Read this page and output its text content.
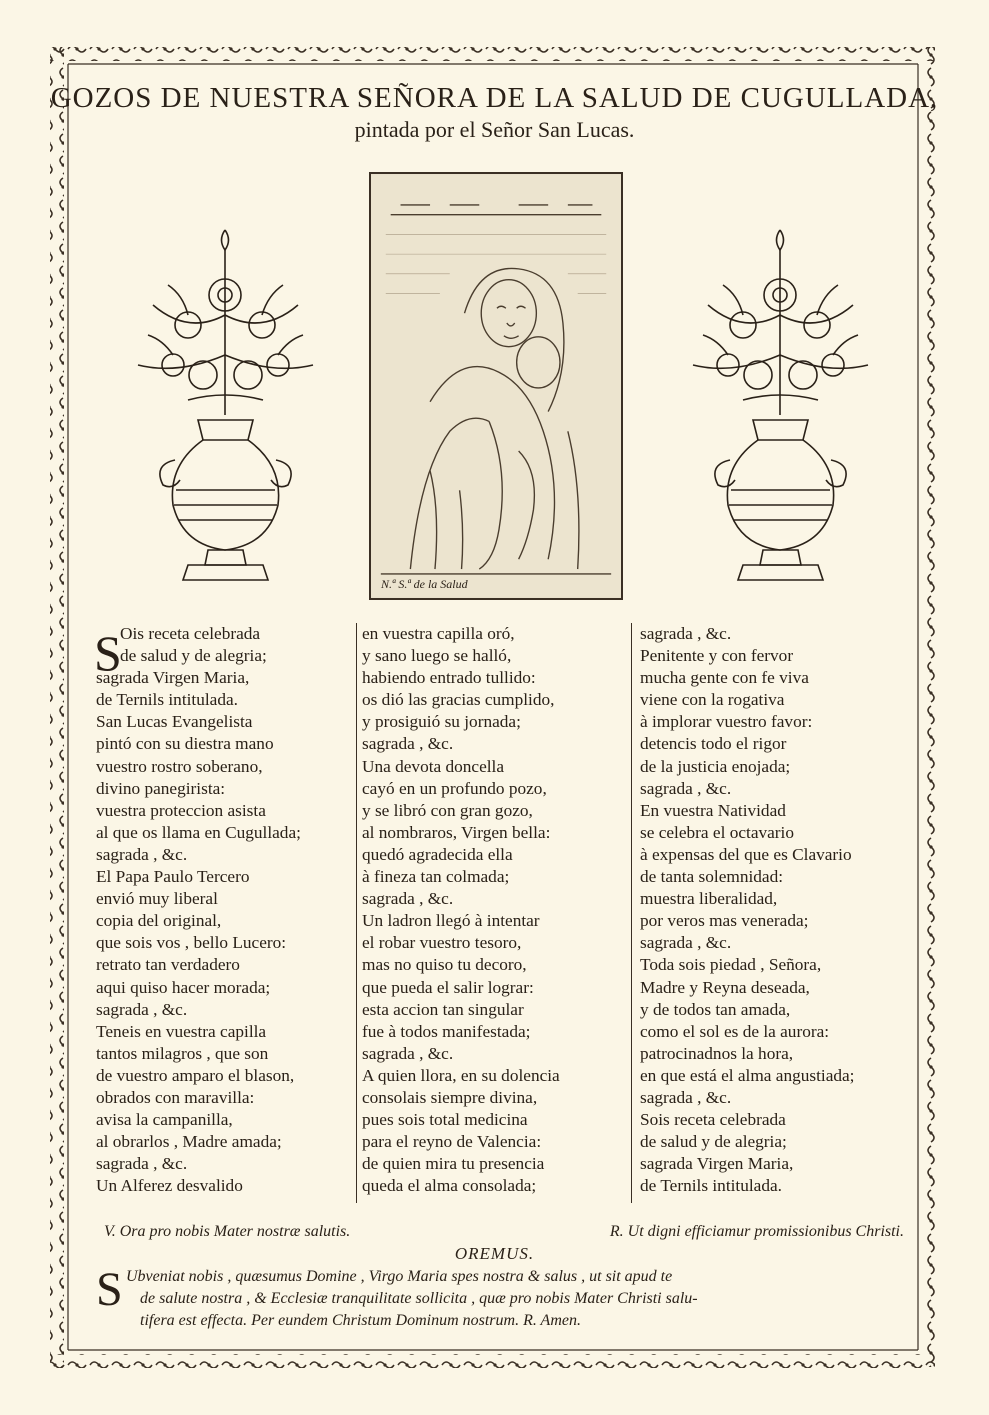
GOZOS DE NUESTRA SEÑORA DE LA SALUD DE CUGULLADA,
pintada por el Señor San Lucas.
N.ª S.ª de la Salud
S
Ois receta celebrada
de salud y de alegria;
sagrada Virgen Maria,
de Ternils intitulada.
San Lucas Evangelista
pintó con su diestra mano
vuestro rostro soberano,
divino panegirista:
vuestra proteccion asista
al que os llama en Cugullada;
sagrada , &c.
El Papa Paulo Tercero
envió muy liberal
copia del original,
que sois vos , bello Lucero:
retrato tan verdadero
aqui quiso hacer morada;
sagrada , &c.
Teneis en vuestra capilla
tantos milagros , que son
de vuestro amparo el blason,
obrados con maravilla:
avisa la campanilla,
al obrarlos , Madre amada;
sagrada , &c.
Un Alferez desvalido
en vuestra capilla oró,
y sano luego se halló,
habiendo entrado tullido:
os dió las gracias cumplido,
y prosiguió su jornada;
sagrada , &c.
Una devota doncella
cayó en un profundo pozo,
y se libró con gran gozo,
al nombraros, Virgen bella:
quedó agradecida ella
à fineza tan colmada;
sagrada , &c.
Un ladron llegó à intentar
el robar vuestro tesoro,
mas no quiso tu decoro,
que pueda el salir lograr:
esta accion tan singular
fue à todos manifestada;
sagrada , &c.
A quien llora, en su dolencia
consolais siempre divina,
pues sois total medicina
para el reyno de Valencia:
de quien mira tu presencia
queda el alma consolada;
sagrada , &c.
Penitente y con fervor
mucha gente con fe viva
viene con la rogativa
à implorar vuestro favor:
detencis todo el rigor
de la justicia enojada;
sagrada , &c.
En vuestra Natividad
se celebra el octavario
à expensas del que es Clavario
de tanta solemnidad:
muestra liberalidad,
por veros mas venerada;
sagrada , &c.
Toda sois piedad , Señora,
Madre y Reyna deseada,
y de todos tan amada,
como el sol es de la aurora:
patrocinadnos la hora,
en que está el alma angustiada;
sagrada , &c.
Sois receta celebrada
de salud y de alegria;
sagrada Virgen Maria,
de Ternils intitulada.
V. Ora pro nobis Mater nostræ salutis.	R. Ut digni efficiamur promissionibus Christi.
OREMUS.
S Ubveniat nobis , quæsumus Domine , Virgo Maria spes nostra & salus , ut sit apud te
de salute nostra , & Ecclesiæ tranquilitate sollicita , quæ pro nobis Mater Christi salu-
tifera est effecta. Per eundem Christum Dominum nostrum. R. Amen.
